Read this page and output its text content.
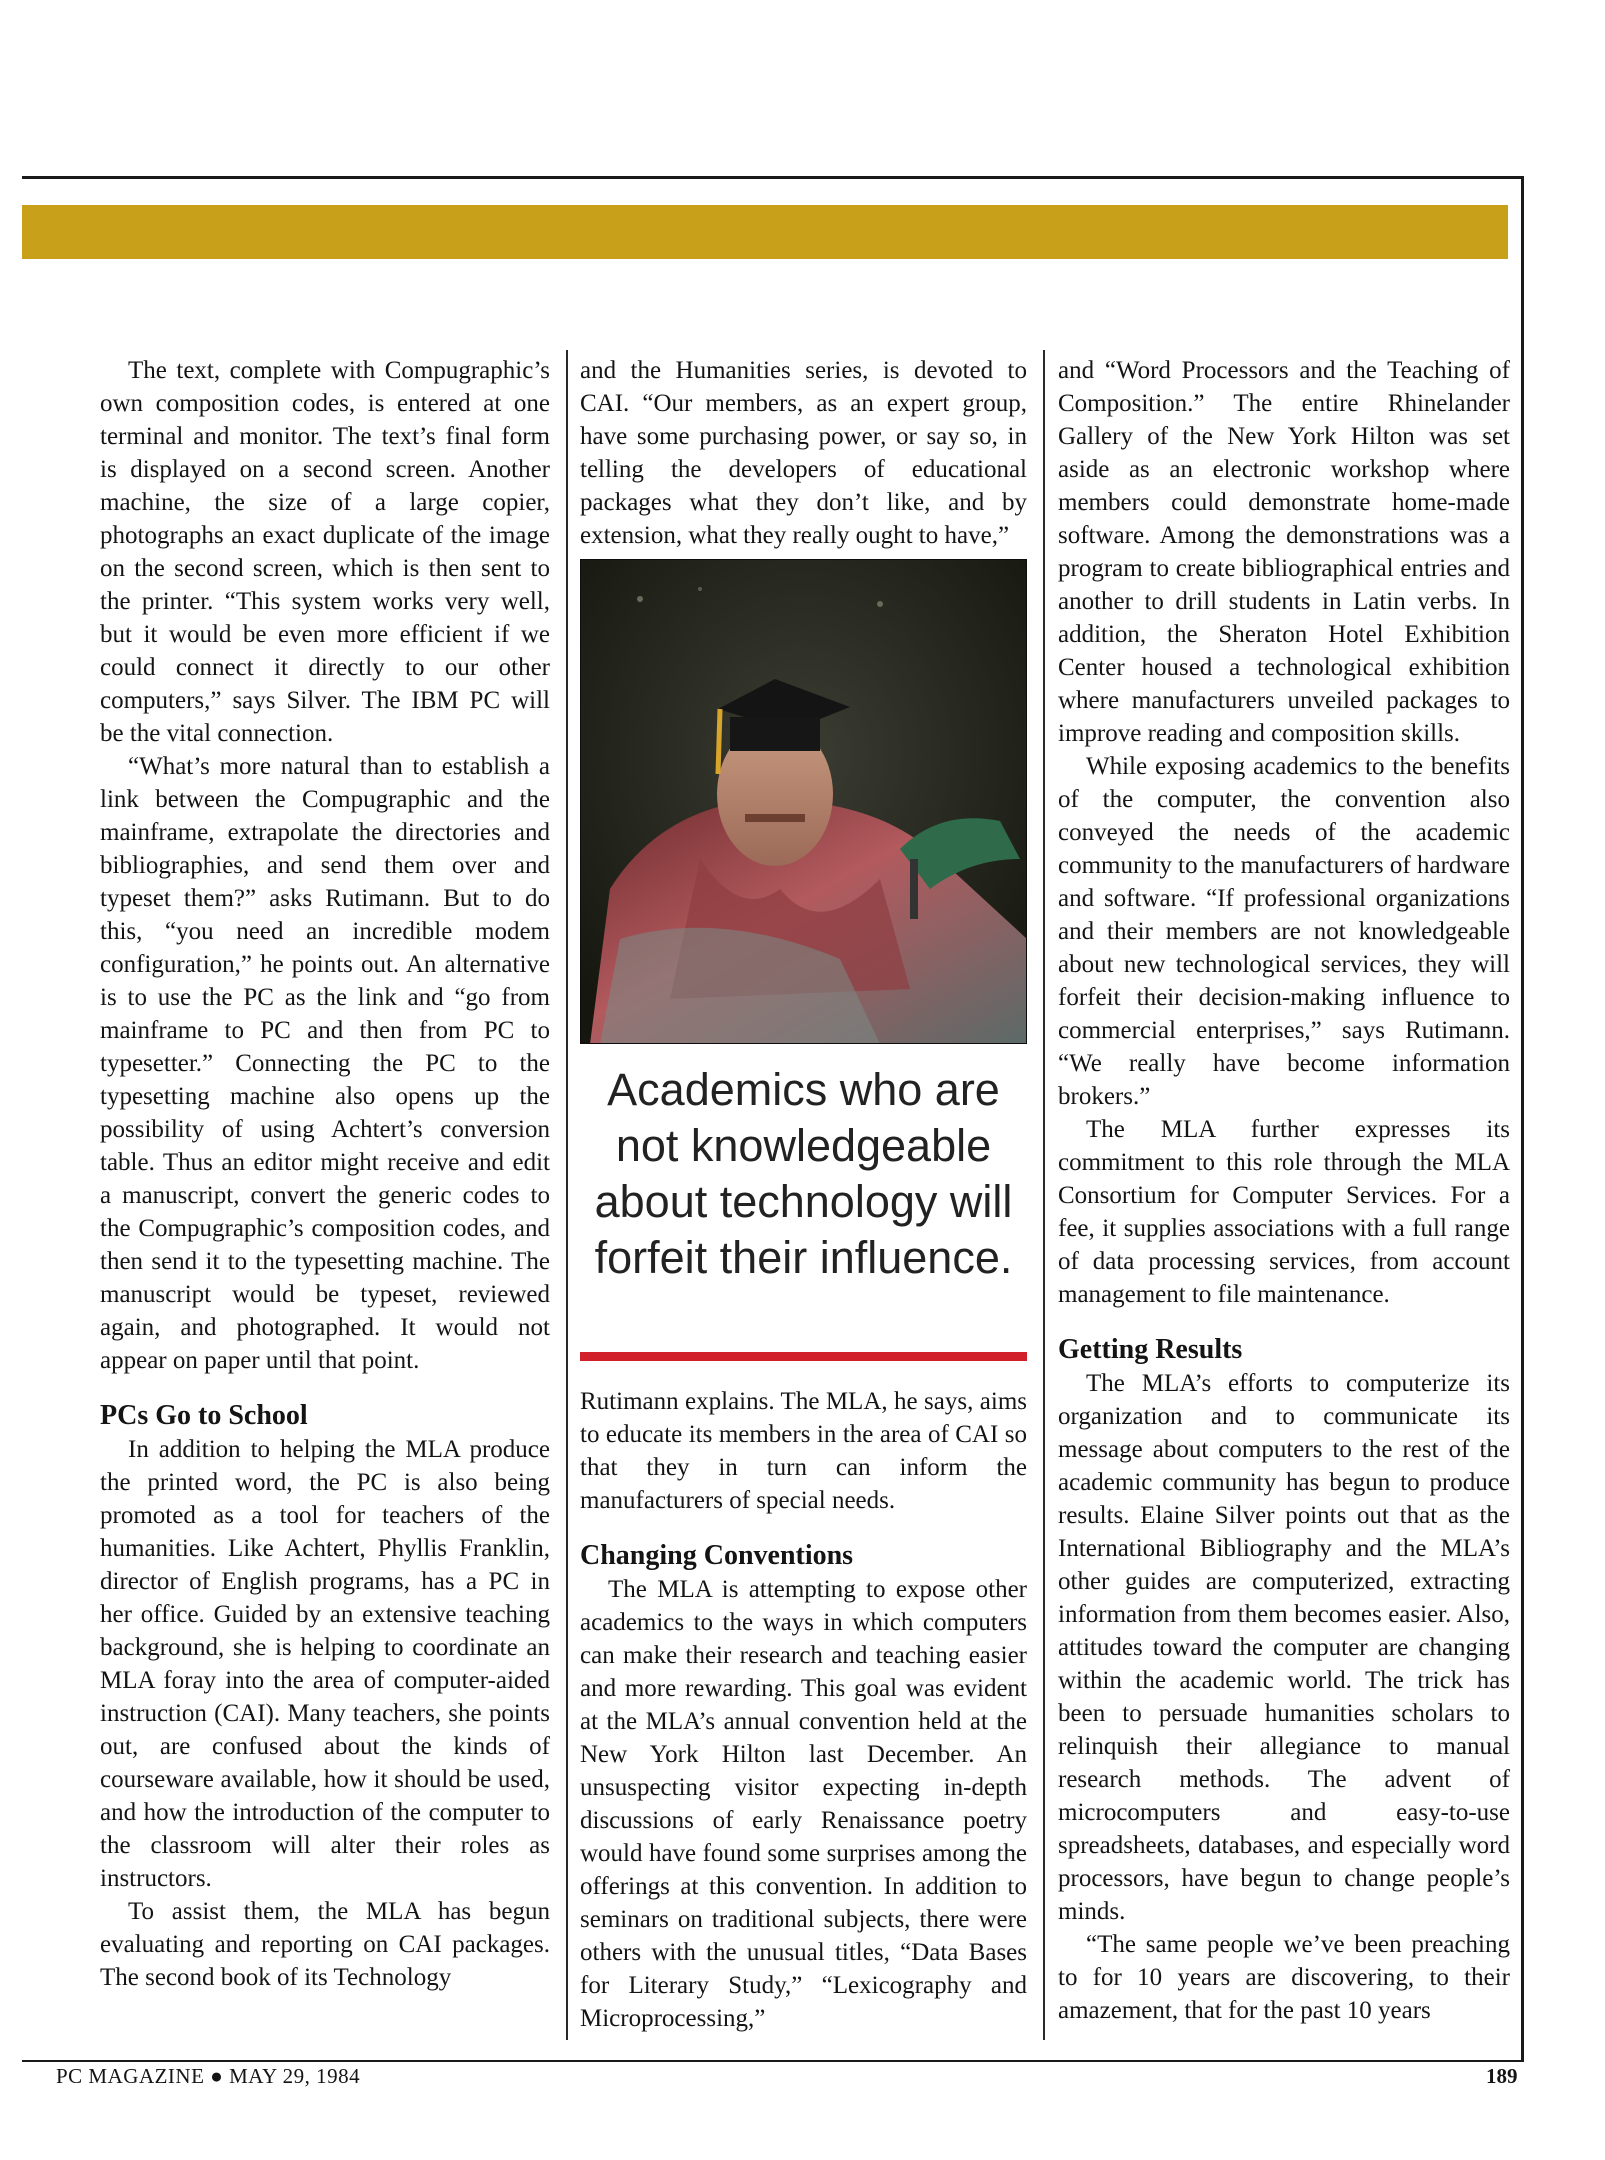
The text, complete with Compugraphic’s own composition codes, is entered at one terminal and monitor. The text’s final form is displayed on a second screen. Another machine, the size of a large copier, photographs an exact duplicate of the image on the second screen, which is then sent to the printer. “This system works very well, but it would be even more efficient if we could connect it directly to our other computers,” says Silver. The IBM PC will be the vital connection.

“What’s more natural than to establish a link between the Compugraphic and the mainframe, extrapolate the directories and bibliographies, and send them over and typeset them?” asks Rutimann. But to do this, “you need an incredible modem configuration,” he points out. An alternative is to use the PC as the link and “go from mainframe to PC and then from PC to typesetter.” Connecting the PC to the typesetting machine also opens up the possibility of using Achtert’s conversion table. Thus an editor might receive and edit a manuscript, convert the generic codes to the Compugraphic’s composition codes, and then send it to the typesetting machine. The manuscript would be typeset, reviewed again, and photographed. It would not appear on paper until that point.

PCs Go to School

In addition to helping the MLA produce the printed word, the PC is also being promoted as a tool for teachers of the humanities. Like Achtert, Phyllis Franklin, director of English programs, has a PC in her office. Guided by an extensive teaching background, she is helping to coordinate an MLA foray into the area of computer-aided instruction (CAI). Many teachers, she points out, are confused about the kinds of courseware available, how it should be used, and how the introduction of the computer to the classroom will alter their roles as instructors.

To assist them, the MLA has begun evaluating and reporting on CAI packages. The second book of its Technology

and the Humanities series, is devoted to CAI. “Our members, as an expert group, have some purchasing power, or say so, in telling the developers of educational packages what they don’t like, and by extension, what they really ought to have,”

Academics who are not knowledgeable about technology will forfeit their influence.

Rutimann explains. The MLA, he says, aims to educate its members in the area of CAI so that they in turn can inform the manufacturers of special needs.

Changing Conventions

The MLA is attempting to expose other academics to the ways in which computers can make their research and teaching easier and more rewarding. This goal was evident at the MLA’s annual convention held at the New York Hilton last December. An unsuspecting visitor expecting in-depth discussions of early Renaissance poetry would have found some surprises among the offerings at this convention. In addition to seminars on traditional subjects, there were others with the unusual titles, “Data Bases for Literary Study,” “Lexicography and Microprocessing,”

and “Word Processors and the Teaching of Composition.” The entire Rhinelander Gallery of the New York Hilton was set aside as an electronic workshop where members could demonstrate home-made software. Among the demonstrations was a program to create bibliographical entries and another to drill students in Latin verbs. In addition, the Sheraton Hotel Exhibition Center housed a technological exhibition where manufacturers unveiled packages to improve reading and composition skills.

While exposing academics to the benefits of the computer, the convention also conveyed the needs of the academic community to the manufacturers of hardware and software. “If professional organizations and their members are not knowledgeable about new technological services, they will forfeit their decision-making influence to commercial enterprises,” says Rutimann. “We really have become information brokers.”

The MLA further expresses its commitment to this role through the MLA Consortium for Computer Services. For a fee, it supplies associations with a full range of data processing services, from account management to file maintenance.

Getting Results

The MLA’s efforts to computerize its organization and to communicate its message about computers to the rest of the academic community has begun to produce results. Elaine Silver points out that as the International Bibliography and the MLA’s other guides are computerized, extracting information from them becomes easier. Also, attitudes toward the computer are changing within the academic world. The trick has been to persuade humanities scholars to relinquish their allegiance to manual research methods. The advent of microcomputers and easy-to-use spreadsheets, databases, and especially word processors, have begun to change people’s minds.

“The same people we’ve been preaching to for 10 years are discovering, to their amazement, that for the past 10 years

PC MAGAZINE ● MAY 29, 1984	189
